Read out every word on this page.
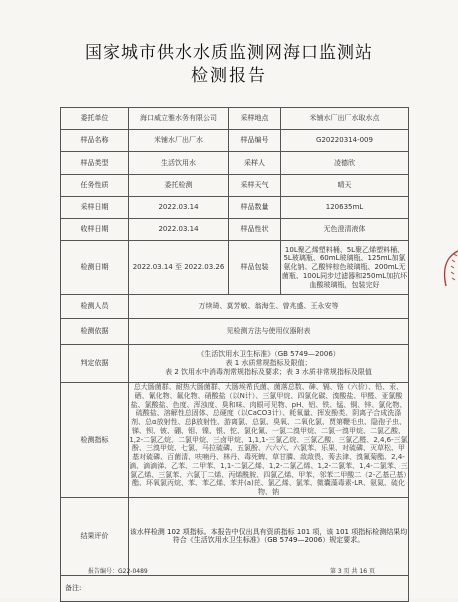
国家城市供水水质监测网海口监测站
检测报告
委托单位	海口威立雅水务有限公司	采样地点	米铺水厂出厂水取水点
样品名称	米铺水厂出厂水	样品编号	G20220314-009
样品类型	生活饮用水	采样人	凌德欣
任务性质	委托检测	采样天气	晴天
采样日期	2022.03.14	样品数量	120635mL
收样日期	2022.03.14	样品性状	无色澄清液体
检测日期	2022.03.14 至 2022.03.26	样品包装	10L聚乙烯塑料桶、5L聚乙烯塑料桶、5L玻璃瓶、60mL玻璃瓶、125mL加氯氨化钠、乙酸锌棕色玻璃瓶、200mL无菌瓶、100L同步过滤器和250mL加抗坏血酸玻璃瓶，包装完好
检测人员	万续琦、莫芳敏、翁海生、曾兆盛、王永安等		
检测依据	见检测方法与使用仪器附表		
判定依据	《生活饮用水卫生标准》（GB 5749—2006）
表 1 水质常规指标及限值；
表 2 饮用水中消毒剂常规指标及要求；表 3 水质非常规指标及限值		

检测指标	总大肠菌群、耐热大肠菌群、大肠埃希氏菌、菌落总数、砷、镉、铬（六价）、铅、汞、硒、氰化物、氟化物、硝酸盐（以N计）、三氯甲烷、四氯化碳、溴酸盐、甲醛、亚氯酸盐、氯酸盐、色度、浑浊度、臭和味、肉眼可见物、pH、铝、铁、锰、铜、锌、氯化物、硫酸盐、溶解性总固体、总硬度（以CaCO3计）、耗氧量、挥发酚类、阴离子合成洗涤剂、总α放射性、总β放射性、游离氯、总氯、臭氧、二氧化氯、贾第鞭毛虫、隐孢子虫、锑、钡、铍、硼、钼、镍、银、铊、氯化氰、一氯二溴甲烷、二氯一溴甲烷、二氯乙酸、1,2-二氯乙烷、二氯甲烷、三卤甲烷、1,1,1-三氯乙烷、三氯乙酸、三氯乙醛、2,4,6-三氯酚、三溴甲烷、七氯、马拉硫磷、五氯酚、六六六、六氯苯、乐果、对硫磷、灭草松、甲基对硫磷、百菌清、呋喃丹、林丹、毒死蜱、草甘膦、敌敌畏、莠去津、溴氰菊酯、2,4-滴、滴滴涕、乙苯、二甲苯、1,1-二氯乙烯、1,2-二氯乙烯、1,2-二氯苯、1,4-二氯苯、三氯乙烯、三氯苯、六氯丁二烯、丙烯酰胺、四氯乙烯、甲苯、邻苯二甲酸二（2-乙基己基）酯、环氧氯丙烷、苯、苯乙烯、苯并(a)芘、氯乙烯、氯苯、微囊藻毒素-LR、氨氮、硫化物、钠		
结果评价	该水样检测 102 项指标。本报告中仅出具有资质指标 101 项，该 101 项指标检测结果均符合《生活饮用水卫生标准》（GB 5749—2006）规定要求。		
备注:			
报告编号：G22-0489	第 3 页 共 16 页
